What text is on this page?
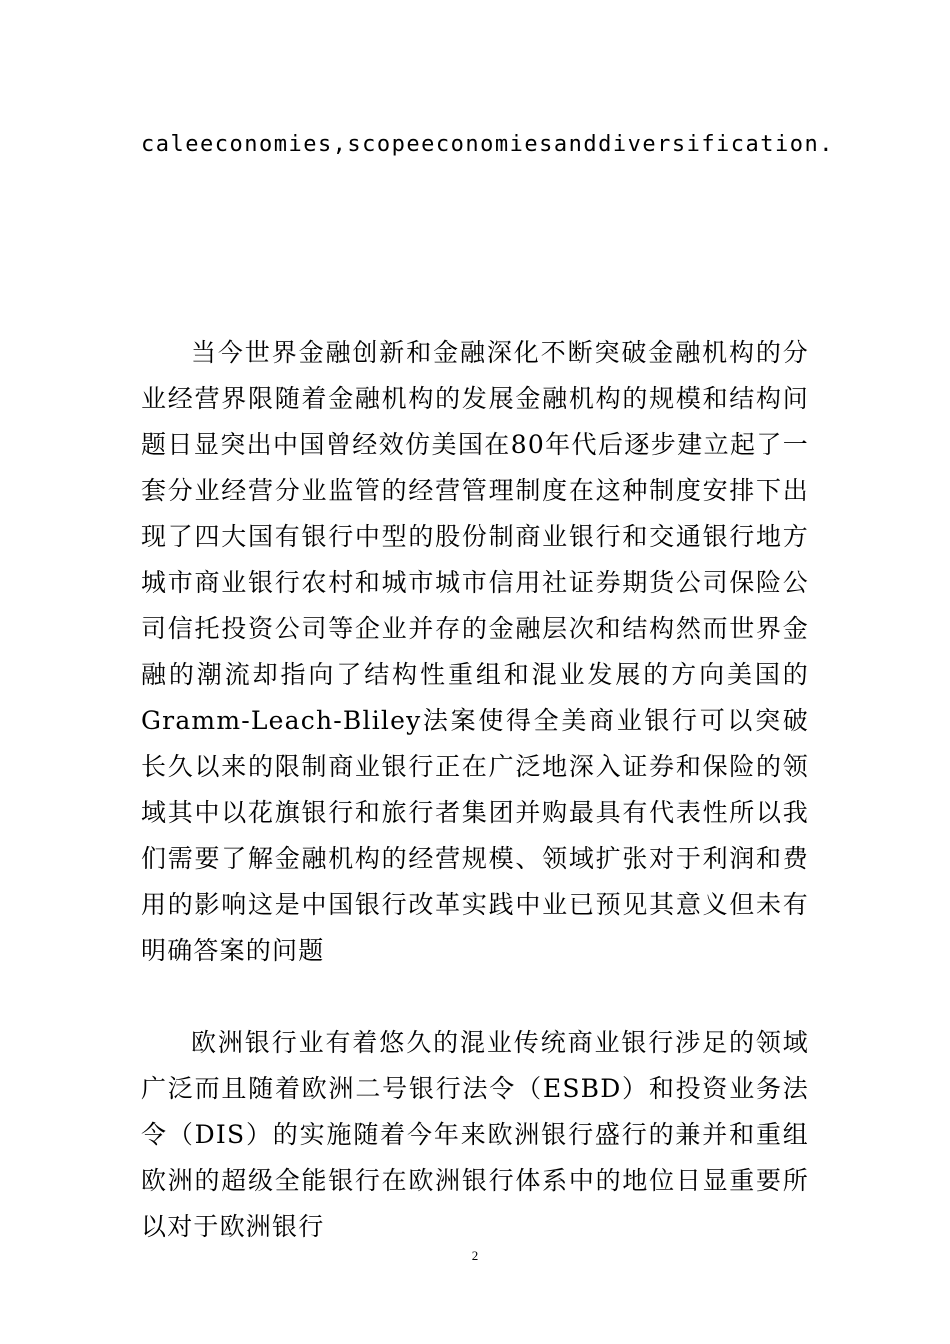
caleeconomies,scopeeconomiesanddiversification.

当今世界金融创新和金融深化不断突破金融机构的分业经营界限随着金融机构的发展金融机构的规模和结构问题日显突出中国曾经效仿美国在80年代后逐步建立起了一套分业经营分业监管的经营管理制度在这种制度安排下出现了四大国有银行中型的股份制商业银行和交通银行地方城市商业银行农村和城市城市信用社证券期货公司保险公司信托投资公司等企业并存的金融层次和结构然而世界金融的潮流却指向了结构性重组和混业发展的方向美国的Gramm-Leach-Bliley法案使得全美商业银行可以突破长久以来的限制商业银行正在广泛地深入证券和保险的领域其中以花旗银行和旅行者集团并购最具有代表性所以我们需要了解金融机构的经营规模、领域扩张对于利润和费用的影响这是中国银行改革实践中业已预见其意义但未有明确答案的问题

欧洲银行业有着悠久的混业传统商业银行涉足的领域广泛而且随着欧洲二号银行法令（ESBD）和投资业务法令（DIS）的实施随着今年来欧洲银行盛行的兼并和重组欧洲的超级全能银行在欧洲银行体系中的地位日显重要所以对于欧洲银行

2
